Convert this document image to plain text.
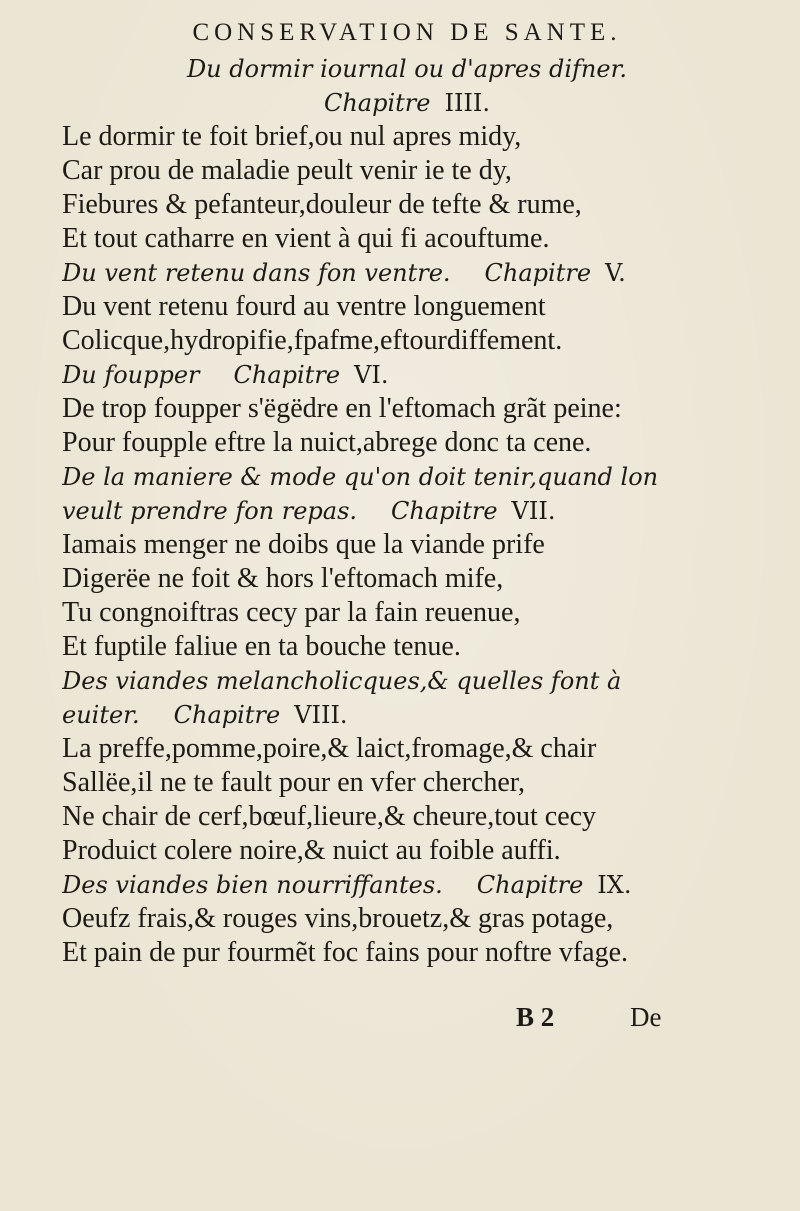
CONSERVATION DE SANTE.
Du dormir iournal ou d'apres difner.
Chapitre IIII.
Le dormir te foit brief,ou nul apres midy,
Car prou de maladie peult venir ie te dy,
Fiebures & pefanteur,douleur de tefte & rume,
Et tout catharre en vient à qui fi acouftume.
Du vent retenu dans fon ventre. Chapitre V.
Du vent retenu fourd au ventre longuement
Colicque,hydropifie,fpafme,eftourdiffement.
Du foupper Chapitre VI.
De trop foupper s'ëgëdre en l'eftomach grãt peine:
Pour foupple eftre la nuict,abrege donc ta cene.
De la maniere & mode qu'on doit tenir,quand lon
veult prendre fon repas. Chapitre VII.
Iamais menger ne doibs que la viande prife
Digerëe ne foit & hors l'eftomach mife,
Tu congnoiftras cecy par la fain reuenue,
Et fuptile faliue en ta bouche tenue.
Des viandes melancholicques,& quelles font à
euiter. Chapitre VIII.
La preffe,pomme,poire,& laict,fromage,& chair
Sallëe,il ne te fault pour en vfer chercher,
Ne chair de cerf,bœuf,lieure,& cheure,tout cecy
Produict colere noire,& nuict au foible auffi.
Des viandes bien nourriffantes. Chapitre IX.
Oeufz frais,& rouges vins,brouetz,& gras potage,
Et pain de pur fourmẽt foc fains pour noftre vfage.
B 2	De
